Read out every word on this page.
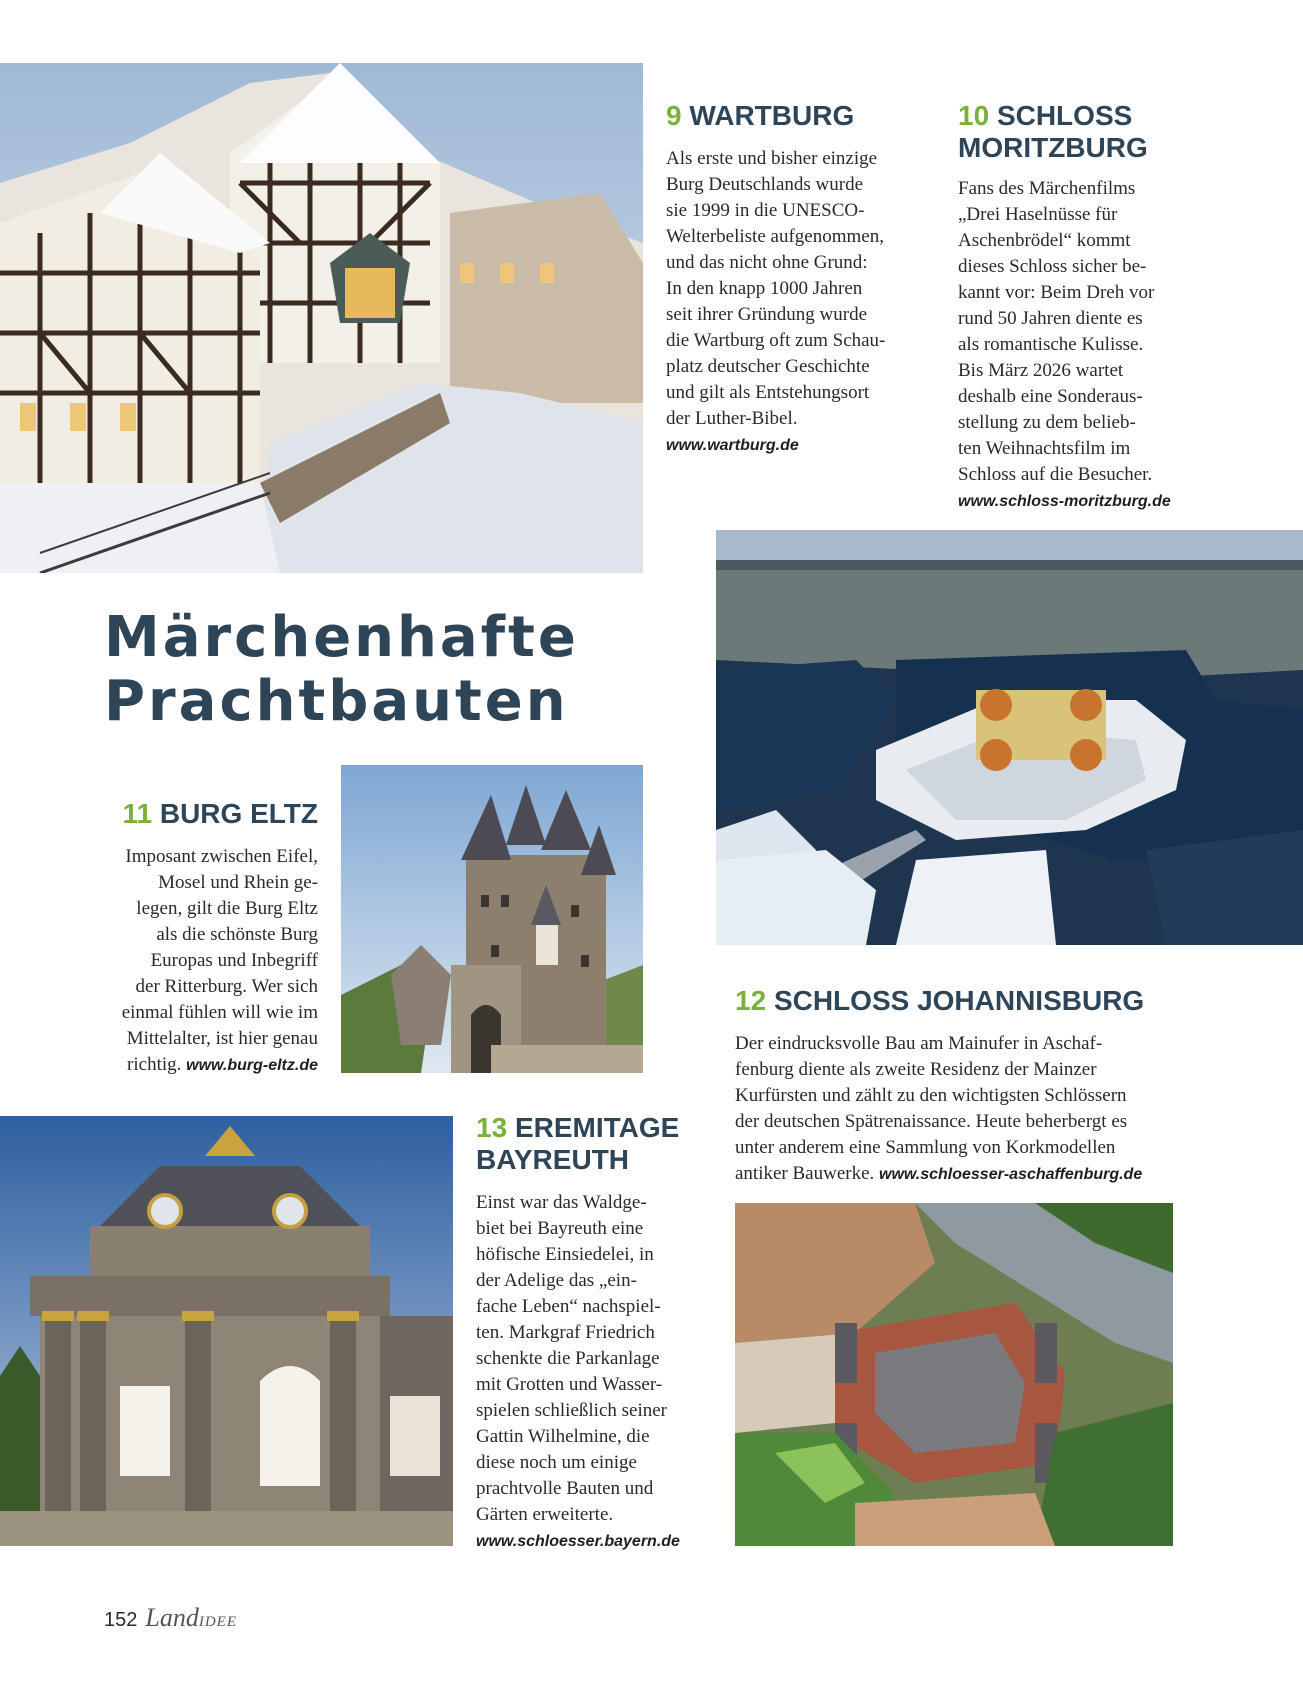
9 WARTBURG

Als erste und bisher einzige
Burg Deutschlands wurde
sie 1999 in die UNESCO-
Welterbeliste aufgenommen,
und das nicht ohne Grund:
In den knapp 1000 Jahren
seit ihrer Gründung wurde
die Wartburg oft zum Schau-
platz deutscher Geschichte
und gilt als Entstehungsort
der Luther-Bibel.
www.wartburg.de

10 SCHLOSS
MORITZBURG

Fans des Märchenfilms
„Drei Haselnüsse für
Aschenbrödel“ kommt
dieses Schloss sicher be-
kannt vor: Beim Dreh vor
rund 50 Jahren diente es
als romantische Kulisse.
Bis März 2026 wartet
deshalb eine Sonderaus-
stellung zu dem belieb-
ten Weihnachtsfilm im
Schloss auf die Besucher.
www.schloss-moritzburg.de

Märchenhafte
Prachtbauten
11 BURG ELTZ

Imposant zwischen Eifel,
Mosel und Rhein ge-
legen, gilt die Burg Eltz
als die schönste Burg
Europas und Inbegriff
der Ritterburg. Wer sich
einmal fühlen will wie im
Mittelalter, ist hier genau
richtig. www.burg-eltz.de

12 SCHLOSS JOHANNISBURG

Der eindrucksvolle Bau am Mainufer in Aschaf-
fenburg diente als zweite Residenz der Mainzer
Kurfürsten und zählt zu den wichtigsten Schlössern
der deutschen Spätrenaissance. Heute beherbergt es
unter anderem eine Sammlung von Korkmodellen
antiker Bauwerke. www.schloesser-aschaffenburg.de

13 EREMITAGE
BAYREUTH

Einst war das Waldge-
biet bei Bayreuth eine
höfische Einsiedelei, in
der Adelige das „ein-
fache Leben“ nachspiel-
ten. Markgraf Friedrich
schenkte die Parkanlage
mit Grotten und Wasser-
spielen schließlich seiner
Gattin Wilhelmine, die
diese noch um einige
prachtvolle Bauten und
Gärten erweiterte.
www.schloesser.bayern.de

152 LandIDEE
